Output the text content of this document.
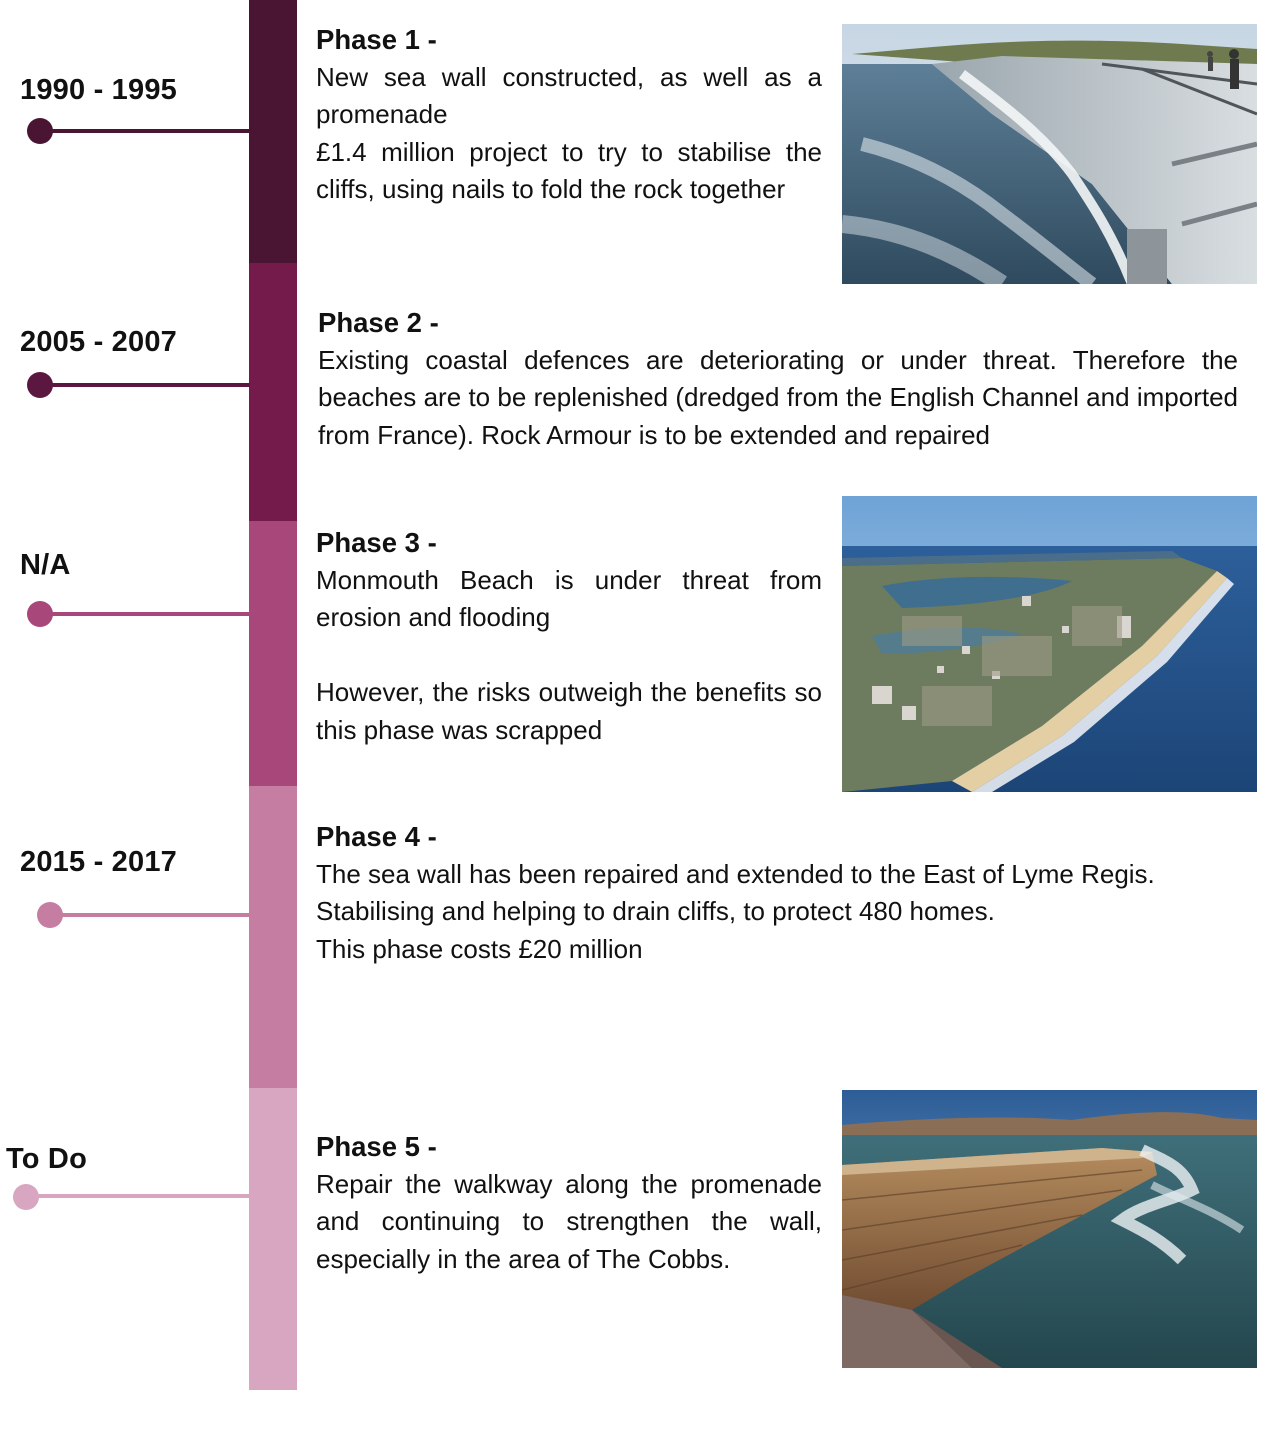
1990 - 1995
2005 - 2007
N/A
2015 - 2017
To Do
Phase 1 -

New sea wall constructed, as well as a promenade

£1.4 million project to try to stabilise the cliffs, using nails to fold the rock together

Phase 2 -

Existing coastal defences are deteriorating or under threat. Therefore the beaches are to be replenished (dredged from the English Channel and imported from France). Rock Armour is to be extended and repaired

Phase 3 -

Monmouth Beach is under threat from erosion and flooding

However, the risks outweigh the benefits so this phase was scrapped

Phase 4 -

The sea wall has been repaired and extended to the East of Lyme Regis.

Stabilising and helping to drain cliffs, to protect 480 homes.

This phase costs £20 million

Phase 5 -

Repair the walkway along the promenade and continuing to strengthen the wall, especially in the area of The Cobbs.
